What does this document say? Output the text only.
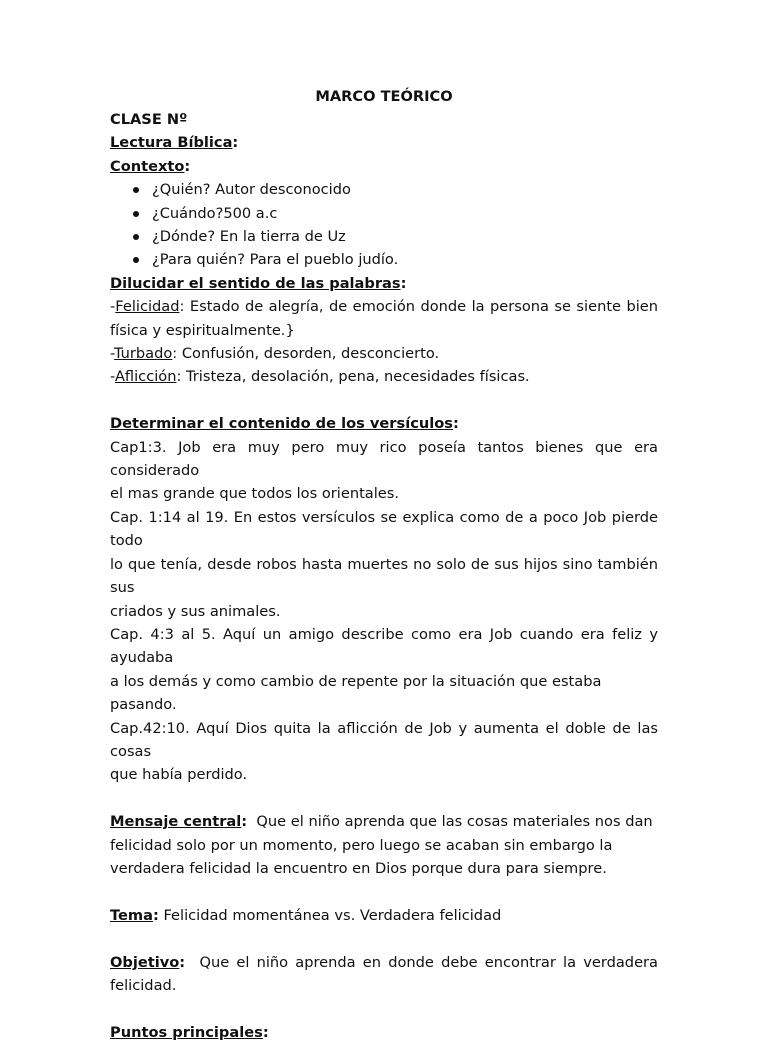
MARCO TEÓRICO

CLASE Nº

Lectura Bíblica:

Contexto:

¿Quién? Autor desconocido
¿Cuándo?500 a.c
¿Dónde? En la tierra de Uz
¿Para quién? Para el pueblo judío.

Dilucidar el sentido de las palabras:

-Felicidad: Estado de alegría, de emoción donde la persona se siente bien

física y espiritualmente.}

-Turbado: Confusión, desorden, desconcierto.

-Aflicción: Tristeza, desolación, pena, necesidades físicas.

Determinar el contenido de los versículos:

Cap1:3. Job era muy pero muy rico poseía tantos bienes que era considerado

el mas grande que todos los orientales.

Cap. 1:14 al 19. En estos versículos se explica como de a poco Job pierde todo

lo que tenía, desde robos hasta muertes no solo de sus hijos sino también sus

criados y sus animales.

Cap. 4:3 al 5. Aquí un amigo describe como era Job cuando era feliz y ayudaba

a los demás y como cambio de repente por la situación que estaba pasando.

Cap.42:10. Aquí Dios quita la aflicción de Job y aumenta el doble de las cosas

que había perdido.

Mensaje central:  Que el niño aprenda que las cosas materiales nos dan

felicidad solo por un momento, pero luego se acaban sin embargo la

verdadera felicidad la encuentro en Dios porque dura para siempre.

Tema: Felicidad momentánea vs. Verdadera felicidad

Objetivo:  Que el niño aprenda en donde debe encontrar la verdadera

felicidad.

Puntos principales:
